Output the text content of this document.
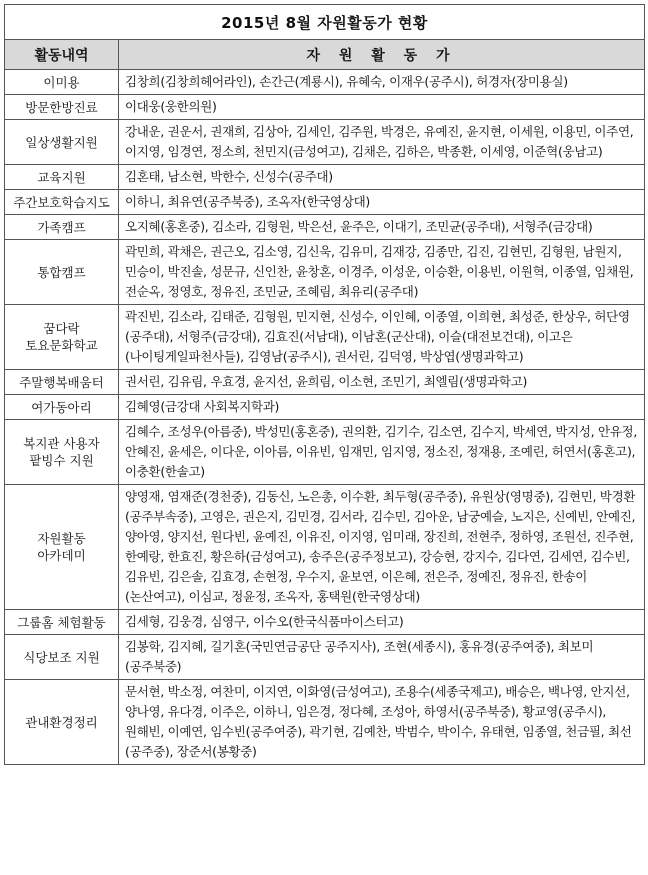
2015년 8월 자원활동가 현황	
활동내역	자 원 활 동 가
이미용	김창희(김창희헤어라인), 손간근(계룡시), 유혜숙, 이재우(공주시), 허경자(장미용실)
방문한방진료	이대웅(웅한의원)
일상생활지원	강내운, 권운서, 권재희, 김상아, 김세인, 김주원, 박경은, 유예진, 윤지현, 이세원, 이용민, 이주연, 이지영, 임경연, 정소희, 천민지(금성여고), 김채은, 김하은, 박종환, 이세영, 이준혁(웅남고)
교육지원	김혼태, 남소현, 박한수, 신성수(공주대)
주간보호학습지도	이하니, 최유연(공주북중), 조옥자(한국영상대)
가족캠프	오지혜(홍혼중), 김소라, 김형원, 박은선, 윤주은, 이대기, 조민균(공주대), 서형주(금강대)
통합캠프	곽민희, 곽채은, 권근오, 김소영, 김신욱, 김유미, 김재강, 김종만, 김진, 김현민, 김형원, 남원지, 민승이, 박진솔, 성문규, 신인찬, 윤창혼, 이경주, 이성운, 이승환, 이용빈, 이원혁, 이종열, 임채원, 전순옥, 정영호, 정유진, 조민균, 조혜림, 최유리(공주대)
꿈다락
토요문화학교	곽진빈, 김소라, 김태준, 김형원, 민지현, 신성수, 이인혜, 이종열, 이희현, 최성준, 한상우, 허단영(공주대), 서형주(금강대), 김효진(서남대), 이남혼(군산대), 이슬(대전보건대), 이고은(나이팅게일파천사들), 김영남(공주시), 권서린, 김덕영, 박상엽(생명과학고)
주말행복배움터	권서린, 김유림, 우효경, 윤지선, 윤희림, 이소현, 조민기, 최엘림(생명과학고)
여가동아리	김혜영(금강대 사회복지학과)
복지관 사용자
팥빙수 지원	김혜수, 조성우(아름중), 박성민(홍혼중), 권의환, 김기수, 김소연, 김수지, 박세연, 박지성, 안유정, 안혜진, 윤세은, 이다운, 이아름, 이유빈, 임재민, 임지영, 정소진, 정재용, 조예린, 허연서(홍혼고), 이충환(한솔고)
자원활동
아카데미	양영재, 염재준(경천중), 김동신, 노은총, 이수환, 최두형(공주중), 유원상(영명중), 김현민, 박경환(공주부속중), 고영은, 권은지, 김민경, 김서라, 김수민, 김아운, 남궁예슬, 노지은, 신예빈, 안예진, 양아영, 양지선, 원다빈, 윤예진, 이유진, 이지영, 임미래, 장진희, 전현주, 정하영, 조원선, 진주현, 한예랑, 한효진, 황은하(금성여고), 송주은(공주정보고), 강승현, 강지수, 김다연, 김세연, 김수빈, 김유빈, 김은솔, 김효경, 손현정, 우수지, 윤보연, 이은혜, 전은주, 정예진, 정유진, 한송이(논산여고), 이심교, 정윤정, 조옥자, 홍택원(한국영상대)
그룹홈 체험활동	김세형, 김웅경, 심영구, 이수오(한국식품마이스터고)
식당보조 지원	김봉학, 김지혜, 길기혼(국민연금공단 공주지사), 조현(세종시), 홍유경(공주여중), 최보미(공주북중)
관내환경정리	문서현, 박소정, 여찬미, 이지연, 이화영(금성여고), 조용수(세종국제고), 배승은, 백나영, 안지선, 양나영, 유다경, 이주은, 이하니, 임은경, 정다혜, 조성아, 하영서(공주북중), 황교영(공주시), 원해빈, 이예연, 임수빈(공주여중), 곽기현, 김예찬, 박범수, 박이수, 유태현, 임종열, 천금필, 최선(공주중), 장준서(봉황중)
